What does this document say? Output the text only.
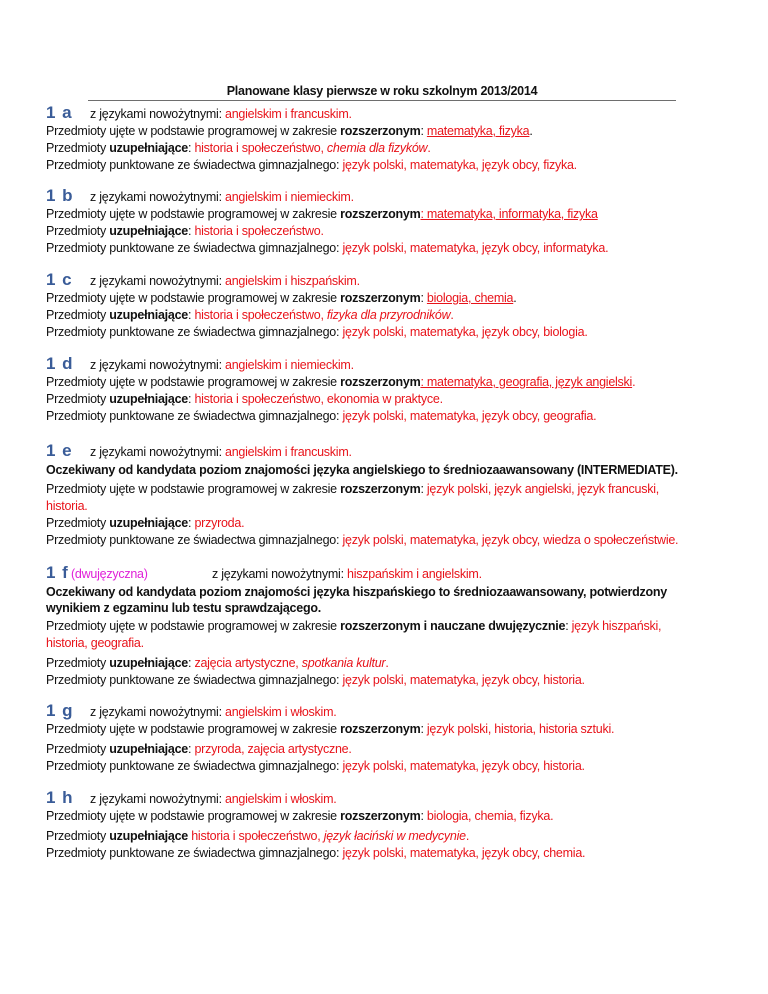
Planowane klasy pierwsze w roku szkolnym 2013/2014
1 a z językami nowożytnymi: angielskim i francuskim.
Przedmioty ujęte w podstawie programowej w zakresie rozszerzonym: matematyka, fizyka.
Przedmioty uzupełniające: historia i społeczeństwo, chemia dla fizyków.
Przedmioty punktowane ze świadectwa gimnazjalnego: język polski, matematyka, język obcy, fizyka.
1 b z językami nowożytnymi: angielskim i niemieckim.
Przedmioty ujęte w podstawie programowej w zakresie rozszerzonym: matematyka, informatyka, fizyka
Przedmioty uzupełniające: historia i społeczeństwo.
Przedmioty punktowane ze świadectwa gimnazjalnego: język polski, matematyka, język obcy, informatyka.
1 c z językami nowożytnymi: angielskim i hiszpańskim.
Przedmioty ujęte w podstawie programowej w zakresie rozszerzonym: biologia, chemia.
Przedmioty uzupełniające: historia i społeczeństwo, fizyka dla przyrodników.
Przedmioty punktowane ze świadectwa gimnazjalnego: język polski, matematyka, język obcy, biologia.
1 d z językami nowożytnymi: angielskim i niemieckim.
Przedmioty ujęte w podstawie programowej w zakresie rozszerzonym: matematyka, geografia, język angielski.
Przedmioty uzupełniające: historia i społeczeństwo, ekonomia w praktyce.
Przedmioty punktowane ze świadectwa gimnazjalnego: język polski, matematyka, język obcy, geografia.
1 e z językami nowożytnymi: angielskim i francuskim.
Oczekiwany od kandydata poziom znajomości języka angielskiego to średniozaawansowany (INTERMEDIATE).
Przedmioty ujęte w podstawie programowej w zakresie rozszerzonym: język polski, język angielski, język francuski,
historia.
Przedmioty uzupełniające: przyroda.
Przedmioty punktowane ze świadectwa gimnazjalnego: język polski, matematyka, język obcy, wiedza o społeczeństwie.
1 f (dwujęzyczna)	z językami nowożytnymi: hiszpańskim i angielskim.
Oczekiwany od kandydata poziom znajomości języka hiszpańskiego to średniozaawansowany, potwierdzony
wynikiem z egzaminu lub testu sprawdzającego.
Przedmioty ujęte w podstawie programowej w zakresie rozszerzonym i nauczane dwujęzycznie: język hiszpański,
historia, geografia.
Przedmioty uzupełniające: zajęcia artystyczne, spotkania kultur.
Przedmioty punktowane ze świadectwa gimnazjalnego: język polski, matematyka, język obcy, historia.
1 g z językami nowożytnymi: angielskim i włoskim.
Przedmioty ujęte w podstawie programowej w zakresie rozszerzonym: język polski, historia, historia sztuki.
Przedmioty uzupełniające: przyroda, zajęcia artystyczne.
Przedmioty punktowane ze świadectwa gimnazjalnego: język polski, matematyka, język obcy, historia.
1 h z językami nowożytnymi: angielskim i włoskim.
Przedmioty ujęte w podstawie programowej w zakresie rozszerzonym: biologia, chemia, fizyka.
Przedmioty uzupełniające historia i społeczeństwo, język łaciński w medycynie.
Przedmioty punktowane ze świadectwa gimnazjalnego: język polski, matematyka, język obcy, chemia.
